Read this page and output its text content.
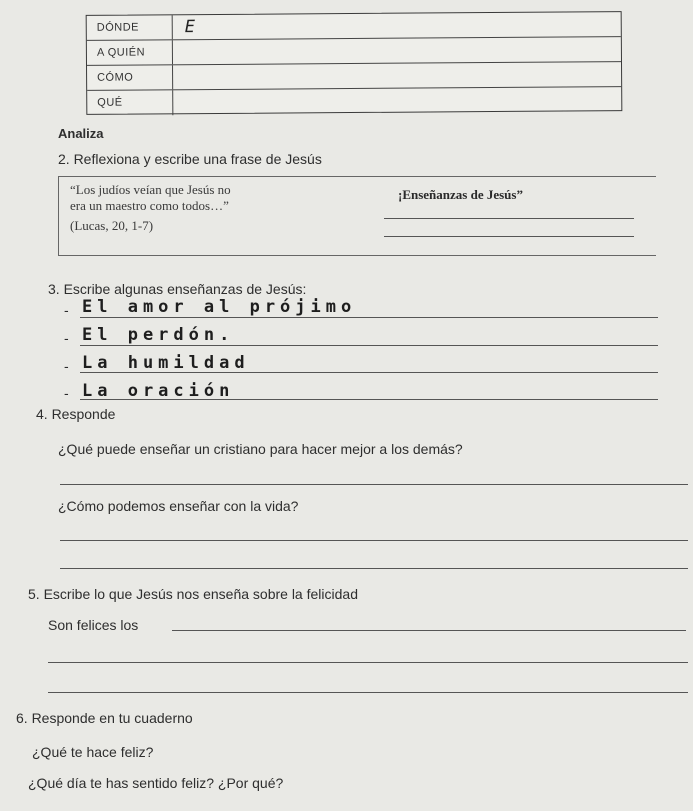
DÓNDE	E
A QUIÉN
CÓMO
QUÉ
Analiza
2. Reflexiona y escribe una frase de Jesús
“Los judíos veían que Jesús no
era un maestro como todos…”
(Lucas, 20, 1-7)
¡Enseñanzas de Jesús”
3. Escribe algunas enseñanzas de Jesús:
- El amor al prójimo
- El perdón.
- La humildad
- La oración
4. Responde
¿Qué puede enseñar un cristiano para hacer mejor a los demás?
¿Cómo podemos enseñar con la vida?
5. Escribe lo que Jesús nos enseña sobre la felicidad
Son felices los
6. Responde en tu cuaderno
¿Qué te hace feliz?
¿Qué día te has sentido feliz? ¿Por qué?
